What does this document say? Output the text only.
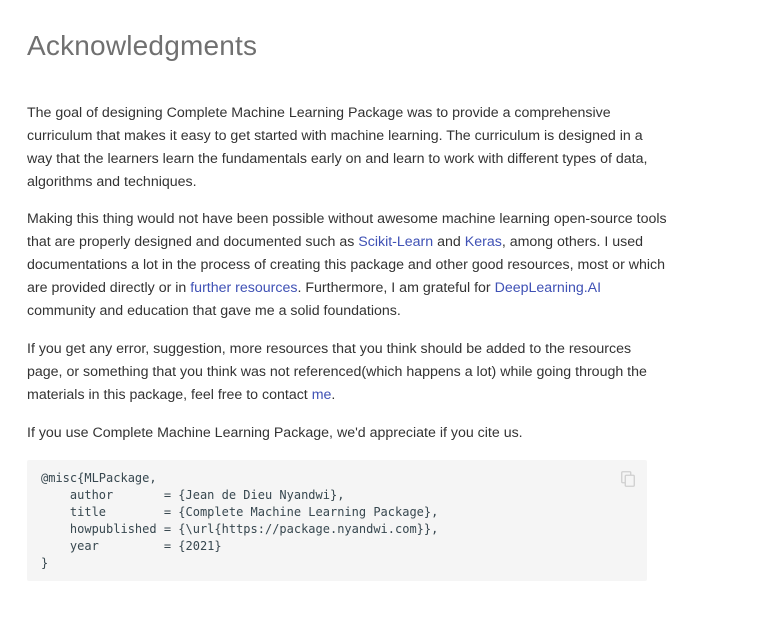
Acknowledgments

The goal of designing Complete Machine Learning Package was to provide a comprehensive curriculum that makes it easy to get started with machine learning. The curriculum is designed in a way that the learners learn the fundamentals early on and learn to work with different types of data, algorithms and techniques.

Making this thing would not have been possible without awesome machine learning open-source tools that are properly designed and documented such as Scikit-Learn and Keras, among others. I used documentations a lot in the process of creating this package and other good resources, most or which are provided directly or in further resources. Furthermore, I am grateful for DeepLearning.AI community and education that gave me a solid foundations.

If you get any error, suggestion, more resources that you think should be added to the resources page, or something that you think was not referenced(which happens a lot) while going through the materials in this package, feel free to contact me.

If you use Complete Machine Learning Package, we'd appreciate if you cite us.

@misc{MLPackage,
author       = {Jean de Dieu Nyandwi},
title        = {Complete Machine Learning Package},
howpublished = {\url{https://package.nyandwi.com}},
year         = {2021}
}
